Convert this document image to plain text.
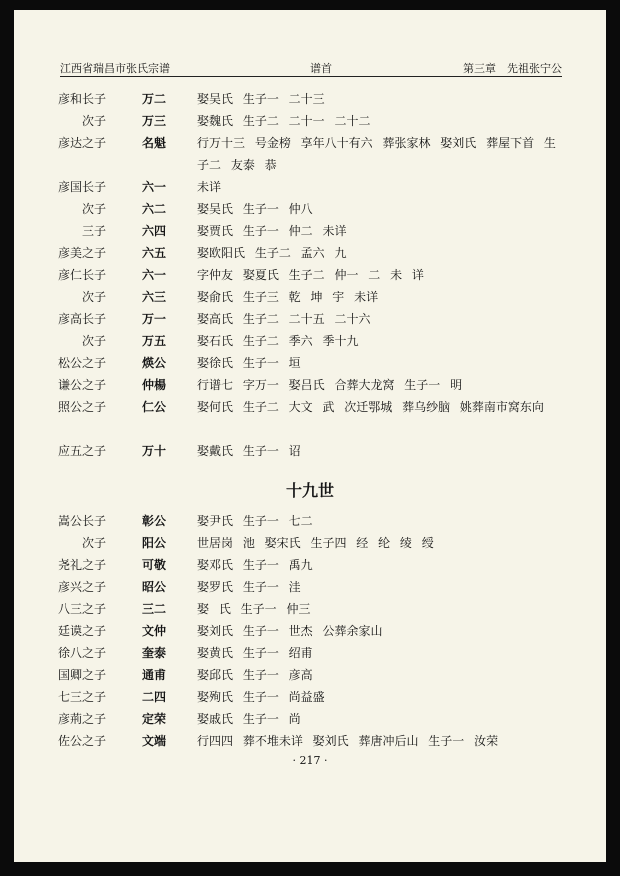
江西省瑞昌市张氏宗谱	谱首	第三章　先祖张宁公
彦和长子	万二	娶吴氏 生子一 二十三
次子	万三	娶魏氏 生子二 二十一 二十二
彦达之子	名魁	行万十三 号金榜 享年八十有六 葬张家林 娶刘氏 葬屋下首 生子二 友泰 恭
彦国长子	六一	未详
次子	六二	娶吴氏 生子一 仲八
三子	六四	娶贾氏 生子一 仲二 未详
彦美之子	六五	娶欧阳氏 生子二 孟六 九
彦仁长子	六一	字仲友 娶夏氏 生子二 仲一 二 未 详
次子	六三	娶俞氏 生子三 乾 坤 宇 未详
彦高长子	万一	娶高氏 生子二 二十五 二十六
次子	万五	娶石氏 生子二 季六 季十九
松公之子	煐公	娶徐氏 生子一 垣
谦公之子	仲楊	行谱七 字万一 娶吕氏 合葬大龙窝 生子一 明
照公之子	仁公	娶何氏 生子二 大文 武 次迁鄂城 葬乌纱脑 姚葬南市窝东向
应五之子	万十	娶戴氏 生子一 诏
十九世
嵩公长子	彰公	娶尹氏 生子一 七二
次子	阳公	世居岗 池 娶宋氏 生子四 经 纶 绫 绶
尧礼之子	可敬	娶邓氏 生子一 禹九
彦兴之子	昭公	娶罗氏 生子一 洼
八三之子	三二	娶 氏 生子一 仲三
廷谟之子	文仲	娶刘氏 生子一 世杰 公葬余家山
徐八之子	奎泰	娶黄氏 生子一 绍甫
国卿之子	通甫	娶邱氏 生子一 彦高
七三之子	二四	娶殉氏 生子一 尚益盛
彦荊之子	定荣	娶戚氏 生子一 尚
佐公之子	文端	行四四 葬不堆未详 娶刘氏 葬唐冲后山 生子一 汝荣
· 217 ·
